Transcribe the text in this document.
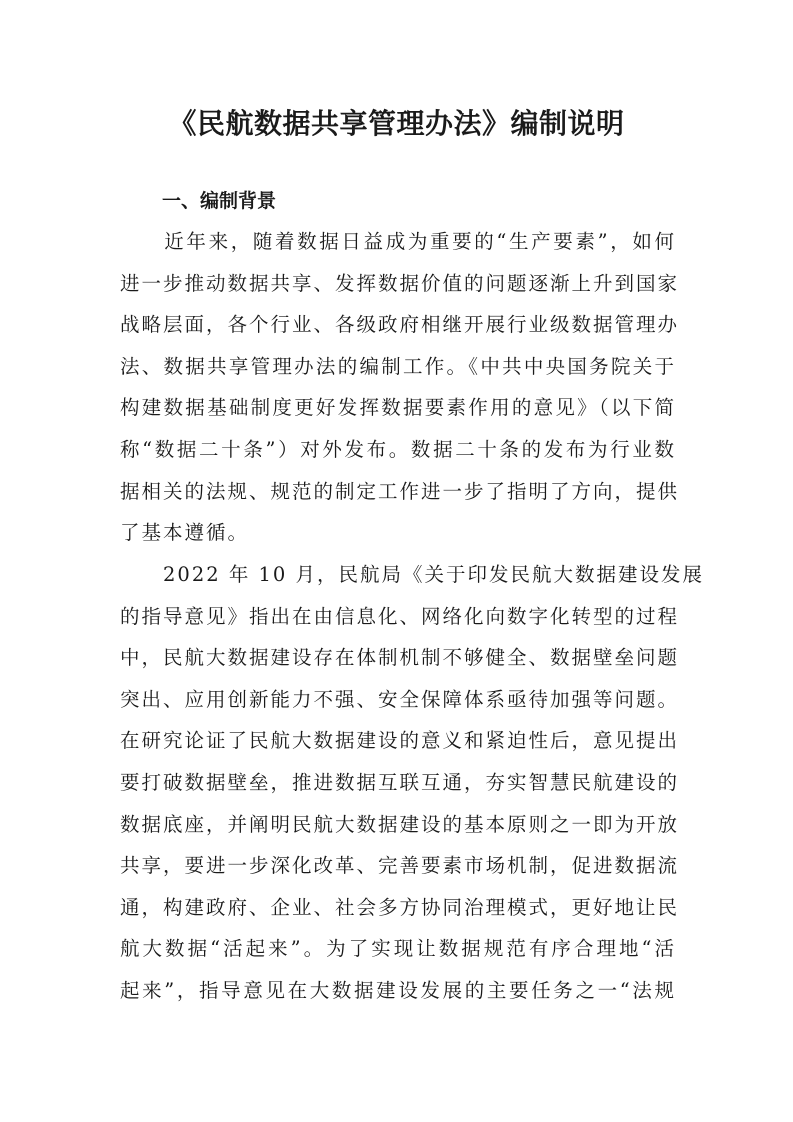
《民航数据共享管理办法》编制说明
一、编制背景

　　近年来，随着数据日益成为重要的“生产要素”，如何
进一步推动数据共享、发挥数据价值的问题逐渐上升到国家
战略层面，各个行业、各级政府相继开展行业级数据管理办
法、数据共享管理办法的编制工作。《中共中央国务院关于
构建数据基础制度更好发挥数据要素作用的意见》（以下简
称“数据二十条”）对外发布。数据二十条的发布为行业数
据相关的法规、规范的制定工作进一步了指明了方向，提供
了基本遵循。

　　2022 年 10 月，民航局《关于印发民航大数据建设发展
的指导意见》指出在由信息化、网络化向数字化转型的过程
中，民航大数据建设存在体制机制不够健全、数据壁垒问题
突出、应用创新能力不强、安全保障体系亟待加强等问题。
在研究论证了民航大数据建设的意义和紧迫性后，意见提出
要打破数据壁垒，推进数据互联互通，夯实智慧民航建设的
数据底座，并阐明民航大数据建设的基本原则之一即为开放
共享，要进一步深化改革、完善要素市场机制，促进数据流
通，构建政府、企业、社会多方协同治理模式，更好地让民
航大数据“活起来”。为了实现让数据规范有序合理地“活
起来”，指导意见在大数据建设发展的主要任务之一“法规
